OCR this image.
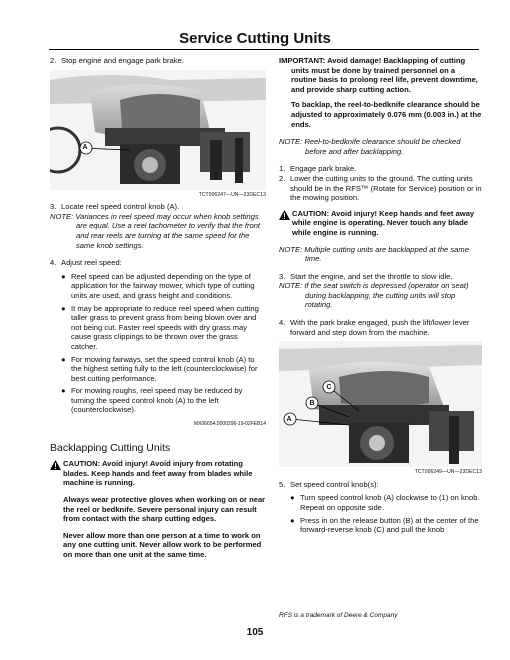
Service Cutting Units
2. Stop engine and engage park brake.
A
TCT006247—UN—23DEC13
3. Locate reel speed control knob (A).

NOTE: Variances in reel speed may occur when knob settings are equal. Use a reel tachometer to verify that the front and rear reels are turning at the same speed for the same knob settings.

4. Adjust reel speed:
● Reel speed can be adjusted depending on the type of application for the fairway mower, which type of cutting units are used, and grass height and conditions.
● It may be appropriate to reduce reel speed when cutting taller grass to prevent grass from being blown over and not being cut. Faster reel speeds with dry grass may cause grass clippings to be thrown over the grass catcher.
● For mowing fairways, set the speed control knob (A) to the highest setting fully to the left (counterclockwise) for best cutting performance.
● For mowing roughs, reel speed may be reduced by turning the speed control knob (A) to the left (counterclockwise).
MX06654,0000296-19-02FEB14
Backlapping Cutting Units
CAUTION: Avoid injury! Avoid injury from rotating blades. Keep hands and feet away from blades while machine is running.

Always wear protective gloves when working on or near the reel or bedknife. Severe personal injury can result from contact with the sharp cutting edges.

Never allow more than one person at a time to work on any one cutting unit. Never allow work to be performed on more than one unit at the same time.

IMPORTANT: Avoid damage! Backlapping of cutting units must be done by trained personnel on a routine basis to prolong reel life, prevent downtime, and provide sharp cutting action.

To backlap, the reel-to-bedknife clearance should be adjusted to approximately 0.076 mm (0.003 in.) at the ends.

NOTE: Reel-to-bedknife clearance should be checked before and after backlapping.

1. Engage park brake.
2. Lower the cutting units to the ground. The cutting units should be in the RFS™ (Rotate for Service) position or in the mowing position.
CAUTION: Avoid injury! Keep hands and feet away while engine is operating. Never touch any blade while engine is running.

NOTE: Multiple cutting units are backlapped at the same time.

3. Start the engine, and set the throttle to slow idle.

NOTE: If the seat switch is depressed (operator on seat) during backlapping, the cutting units will stop rotating.

4. With the park brake engaged, push the lift/lower lever forward and step down from the machine.
C
A
B
TCT006249—UN—23DEC13
5. Set speed control knob(s):
● Turn speed control knob (A) clockwise to (1) on knob. Repeat on opposite side.
● Press in on the release button (B) at the center of the forward-reverse knob (C) and pull the knob
RFS is a trademark of Deere & Company
105
